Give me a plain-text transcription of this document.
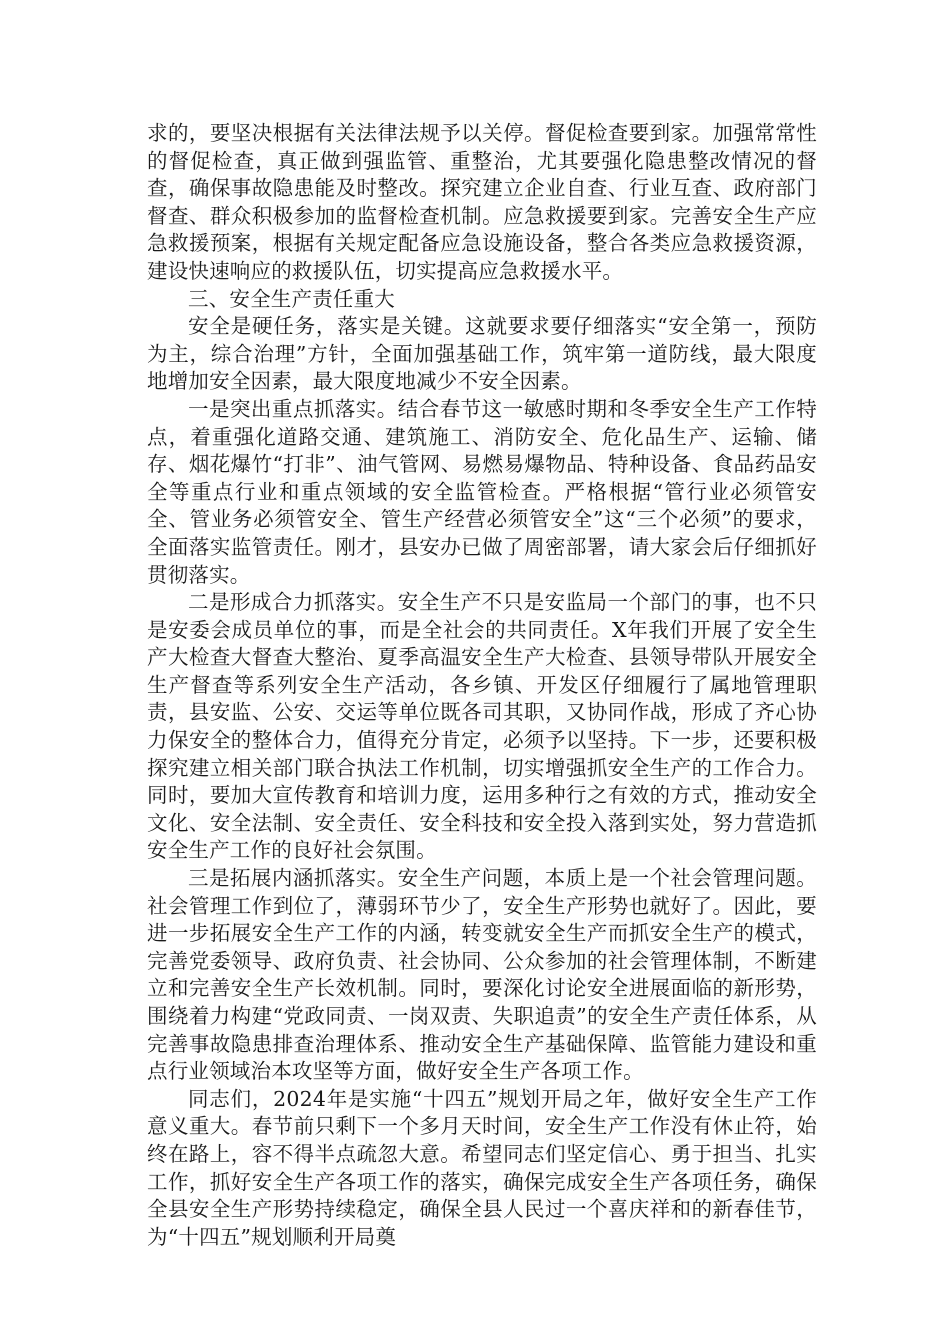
求的，要坚决根据有关法律法规予以关停。督促检查要到家。加强常常性的督促检查，真正做到强监管、重整治，尤其要强化隐患整改情况的督查，确保事故隐患能及时整改。探究建立企业自查、行业互查、政府部门督查、群众积极参加的监督检查机制。应急救援要到家。完善安全生产应急救援预案，根据有关规定配备应急设施设备，整合各类应急救援资源，建设快速响应的救援队伍，切实提高应急救援水平。

三、安全生产责任重大

安全是硬任务，落实是关键。这就要求要仔细落实“安全第一，预防为主，综合治理”方针，全面加强基础工作，筑牢第一道防线，最大限度地增加安全因素，最大限度地减少不安全因素。

一是突出重点抓落实。结合春节这一敏感时期和冬季安全生产工作特点，着重强化道路交通、建筑施工、消防安全、危化品生产、运输、储存、烟花爆竹“打非”、油气管网、易燃易爆物品、特种设备、食品药品安全等重点行业和重点领域的安全监管检查。严格根据“管行业必须管安全、管业务必须管安全、管生产经营必须管安全”这“三个必须”的要求，全面落实监管责任。刚才，县安办已做了周密部署，请大家会后仔细抓好贯彻落实。

二是形成合力抓落实。安全生产不只是安监局一个部门的事，也不只是安委会成员单位的事，而是全社会的共同责任。X年我们开展了安全生产大检查大督查大整治、夏季高温安全生产大检查、县领导带队开展安全生产督查等系列安全生产活动，各乡镇、开发区仔细履行了属地管理职责，县安监、公安、交运等单位既各司其职，又协同作战，形成了齐心协力保安全的整体合力，值得充分肯定，必须予以坚持。下一步，还要积极探究建立相关部门联合执法工作机制，切实增强抓安全生产的工作合力。同时，要加大宣传教育和培训力度，运用多种行之有效的方式，推动安全文化、安全法制、安全责任、安全科技和安全投入落到实处，努力营造抓安全生产工作的良好社会氛围。

三是拓展内涵抓落实。安全生产问题，本质上是一个社会管理问题。社会管理工作到位了，薄弱环节少了，安全生产形势也就好了。因此，要进一步拓展安全生产工作的内涵，转变就安全生产而抓安全生产的模式，完善党委领导、政府负责、社会协同、公众参加的社会管理体制，不断建立和完善安全生产长效机制。同时，要深化讨论安全进展面临的新形势，围绕着力构建“党政同责、一岗双责、失职追责”的安全生产责任体系，从完善事故隐患排查治理体系、推动安全生产基础保障、监管能力建设和重点行业领域治本攻坚等方面，做好安全生产各项工作。

同志们，2024年是实施“十四五”规划开局之年，做好安全生产工作意义重大。春节前只剩下一个多月天时间，安全生产工作没有休止符，始终在路上，容不得半点疏忽大意。希望同志们坚定信心、勇于担当、扎实工作，抓好安全生产各项工作的落实，确保完成安全生产各项任务，确保全县安全生产形势持续稳定，确保全县人民过一个喜庆祥和的新春佳节，为“十四五”规划顺利开局奠
